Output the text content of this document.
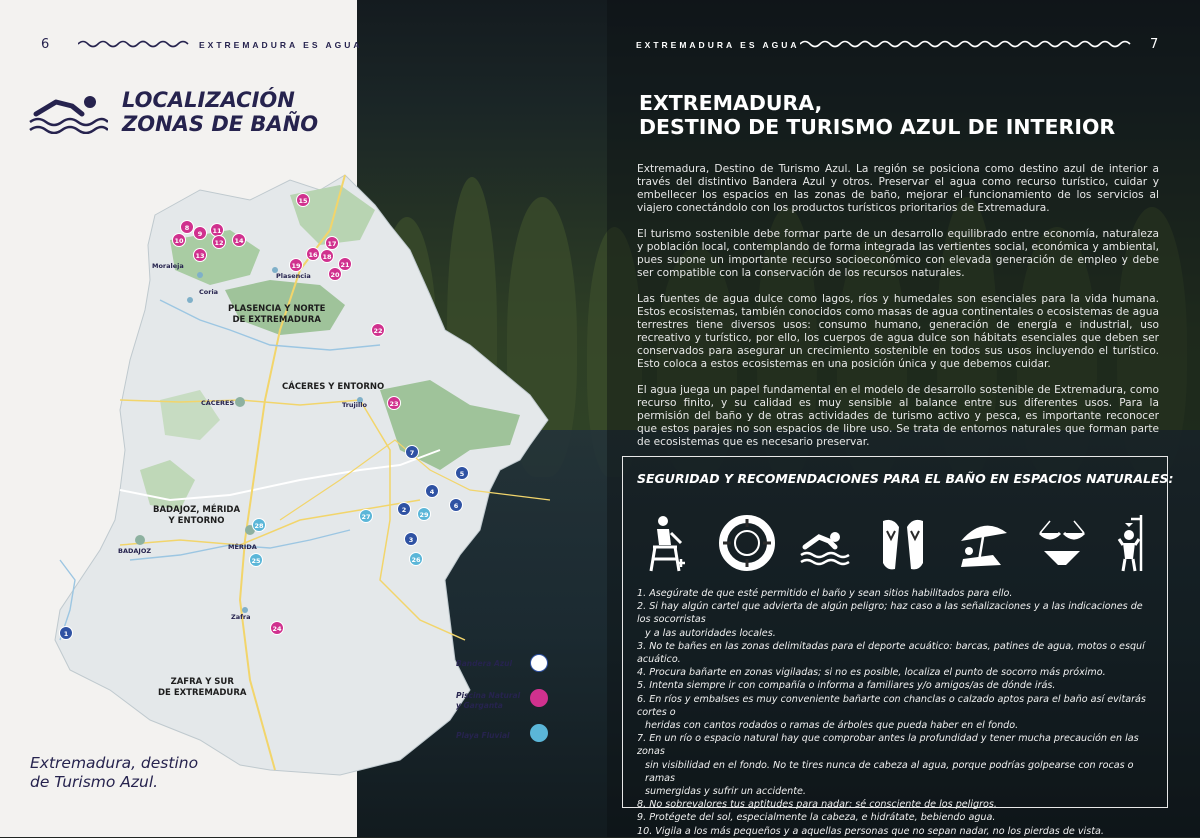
6	EXTREMADURA ES AGUA	EXTREMADURA ES AGUA	7
LOCALIZACIÓN
ZONAS DE BAÑO
Moraleja
Coria
Plasencia
CÁCERES	Trujillo
MÉRIDA
BADAJOZ
Zafra
PLASENCIA Y NORTE
DE EXTREMADURA
CÁCERES Y ENTORNO
BADAJOZ, MÉRIDA
Y ENTORNO
ZAFRA Y SUR
DE EXTREMADURA
8
10
9	11
12	14
13
15
17
16 18
19	21
20
22
23
24
7
5
4
6
2
3
1
29
27
28
25	26
Bandera Azul
Piscina Natural
y Garganta
Playa Fluvial
Extremadura, destino
de Turismo Azul.
EXTREMADURA,
DESTINO DE TURISMO AZUL DE INTERIOR

Extremadura, Destino de Turismo Azul. La región se posiciona como destino azul de interior a través del distintivo Bandera Azul y otros. Preservar el agua como recurso turístico, cuidar y embellecer los espacios en las zonas de baño, mejorar el funcionamiento de los servicios al viajero conectándolo con los productos turísticos prioritarios de Extremadura.

El turismo sostenible debe formar parte de un desarrollo equilibrado entre economía, naturaleza y población local, contemplando de forma integrada las vertientes social, económica y ambiental, pues supone un importante recurso socioeconómico con elevada generación de empleo y debe ser compatible con la conservación de los recursos naturales.

Las fuentes de agua dulce como lagos, ríos y humedales son esenciales para la vida humana. Estos ecosistemas, también conocidos como masas de agua continentales o ecosistemas de agua terrestres tiene diversos usos: consumo humano, generación de energía e industrial, uso recreativo y turístico, por ello, los cuerpos de agua dulce son hábitats esenciales que deben ser conservados para asegurar un crecimiento sostenible en todos sus usos incluyendo el turístico. Esto coloca a estos ecosistemas en una posición única y que debemos cuidar.

El agua juega un papel fundamental en el modelo de desarrollo sostenible de Extremadura, como recurso finito, y su calidad es muy sensible al balance entre sus diferentes usos. Para la permisión del baño y de otras actividades de turismo activo y pesca, es importante reconocer que estos parajes no son espacios de libre uso. Se trata de entornos naturales que forman parte de ecosistemas que es necesario preservar.

SEGURIDAD Y RECOMENDACIONES PARA EL BAÑO EN ESPACIOS NATURALES:
1. Asegúrate de que esté permitido el baño y sean sitios habilitados para ello.
2. Si hay algún cartel que advierta de algún peligro; haz caso a las señalizaciones y a las indicaciones de los socorristas
y a las autoridades locales.
3. No te bañes en las zonas delimitadas para el deporte acuático: barcas, patines de agua, motos o esquí acuático.
4. Procura bañarte en zonas vigiladas; si no es posible, localiza el punto de socorro más próximo.
5. Intenta siempre ir con compañía o informa a familiares y/o amigos/as de dónde irás.
6. En ríos y embalses es muy conveniente bañarte con chanclas o calzado aptos para el baño así evitarás cortes o
heridas con cantos rodados o ramas de árboles que pueda haber en el fondo.
7. En un río o espacio natural hay que comprobar antes la profundidad y tener mucha precaución en las zonas
sin visibilidad en el fondo. No te tires nunca de cabeza al agua, porque podrías golpearse con rocas o ramas
sumergidas y sufrir un accidente.
8. No sobrevalores tus aptitudes para nadar: sé consciente de los peligros.
9. Protégete del sol, especialmente la cabeza, e hidrátate, bebiendo agua.
10. Vigila a los más pequeños y a aquellas personas que no sepan nadar, no los pierdas de vista.
